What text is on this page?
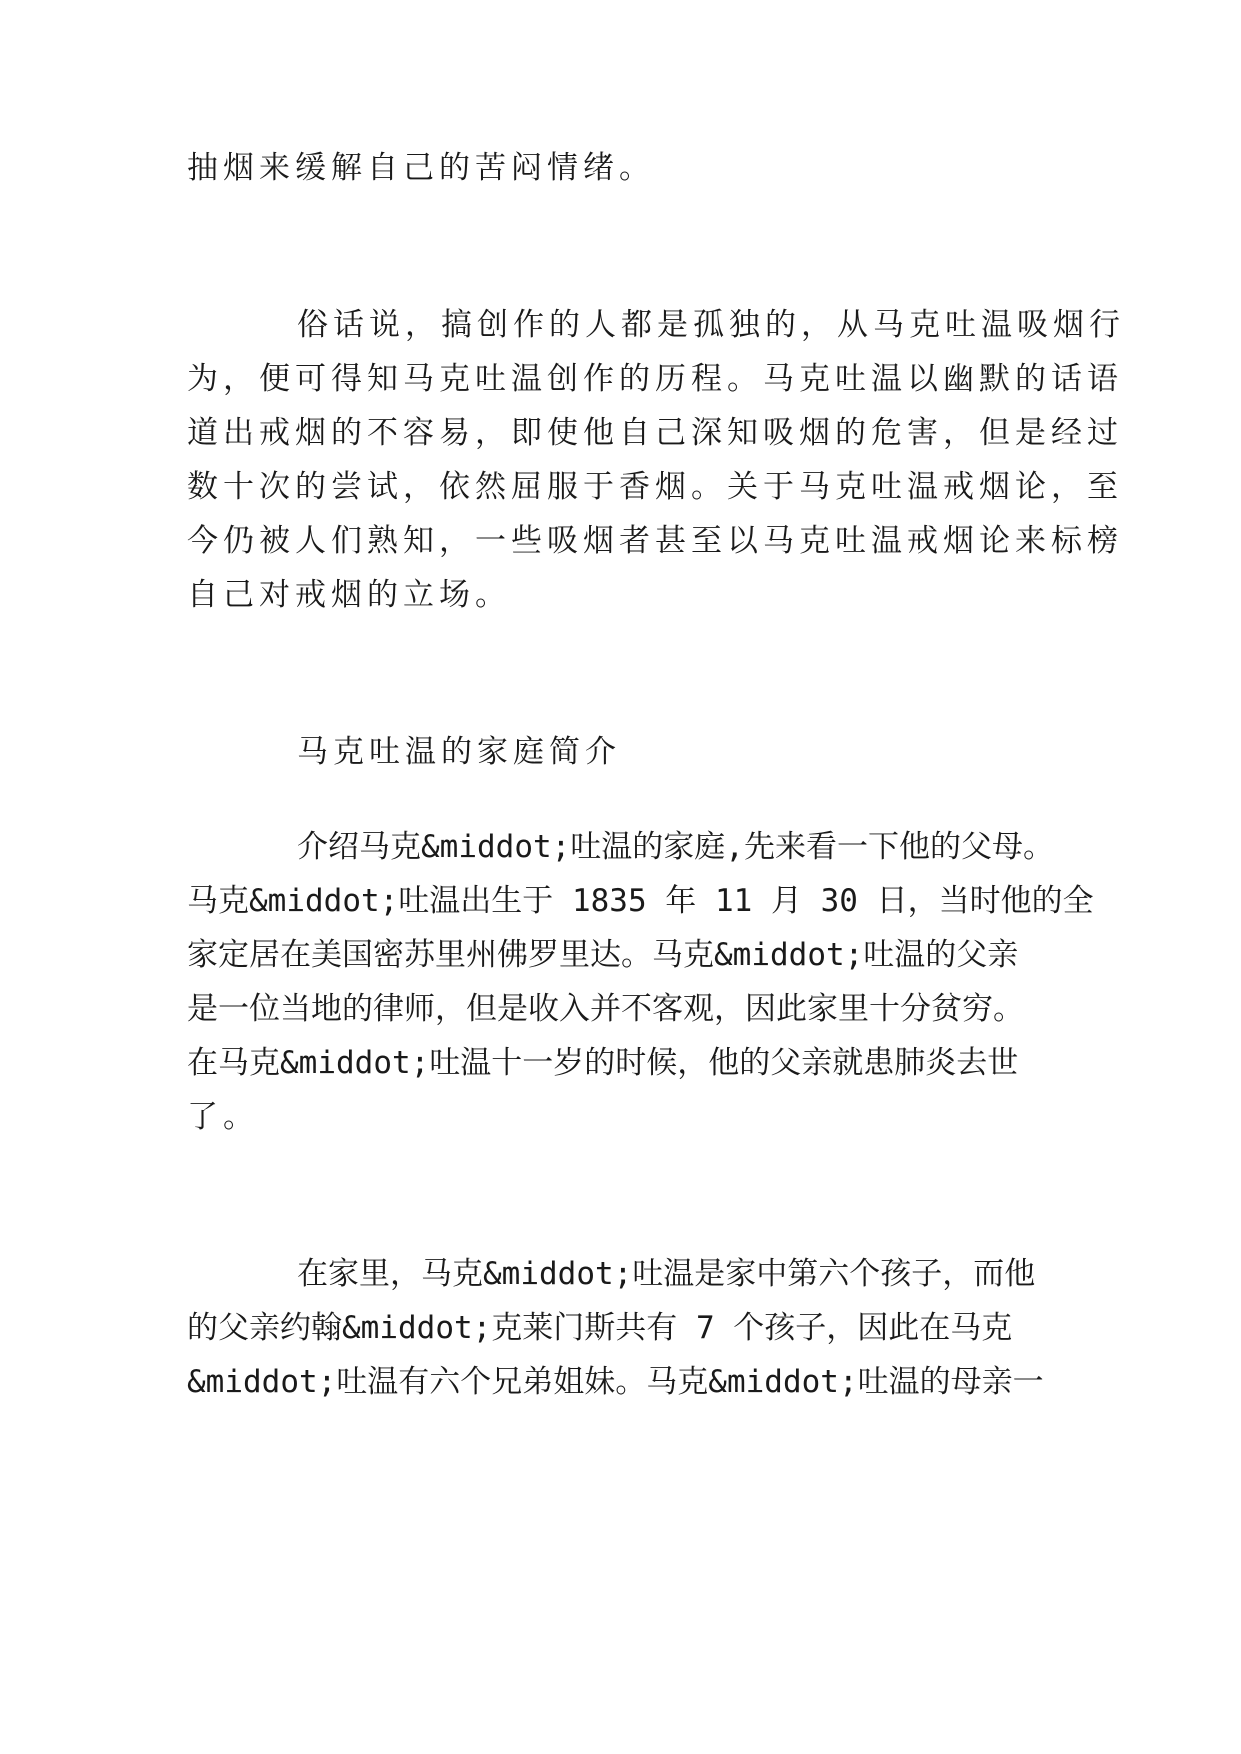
抽烟来缓解自己的苦闷情绪。
俗话说，搞创作的人都是孤独的，从马克吐温吸烟行
为，便可得知马克吐温创作的历程。马克吐温以幽默的话语
道出戒烟的不容易，即使他自己深知吸烟的危害，但是经过
数十次的尝试，依然屈服于香烟。关于马克吐温戒烟论，至
今仍被人们熟知，一些吸烟者甚至以马克吐温戒烟论来标榜
自己对戒烟的立场。
马克吐温的家庭简介
介绍马克&middot;吐温的家庭,先来看一下他的父母。
马克&middot;吐温出生于 1835 年 11 月 30 日，当时他的全
家定居在美国密苏里州佛罗里达。马克&middot;吐温的父亲
是一位当地的律师，但是收入并不客观，因此家里十分贫穷。
在马克&middot;吐温十一岁的时候，他的父亲就患肺炎去世
了。
在家里，马克&middot;吐温是家中第六个孩子，而他
的父亲约翰&middot;克莱门斯共有 7 个孩子，因此在马克
&middot;吐温有六个兄弟姐妹。马克&middot;吐温的母亲一
